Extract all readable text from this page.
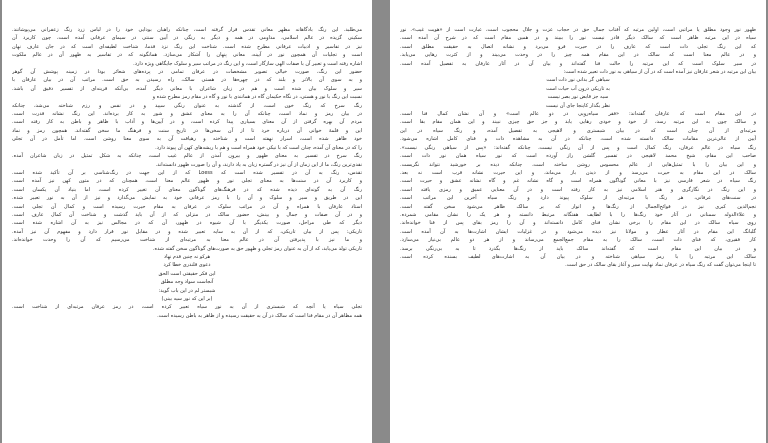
می‌طلبد. این رنگ بادگاهانه مظهر معانی تقدس قرار گرفته است، چنانکه راهبان بودایی خود را در لباس زرد رنگ زعفرانی می‌پوشانند.
سکینی گزیده در عالم اسلامی، مداومی در همه و دیگر به رنگی در آیین سنتی در سیمای عرفانی آمده است، چون کاربرد آن
نیز در تفاسیر و ادبیات عرفانی مطرح شده است. شناخت این رنگ نزد قدما، شناخت لطیفه‌ای است که در جان عارف نهان
است و تجلیات آن همچون نور در آیینه، معانی پنهان را آشکار می‌سازد. همانگونه که در تفاسیر به ظهور آن در عالم ملکوت
اشاره رفته است و تعبیر آن با صفات الهی سازگار است، و این رنگ در مراتب سیر و سلوک جایگاهی ویژه دارد.
حضور این رنگ، صورت خیالی تصویر مشخصات در عرفان تمامی در پرده‌های شعائر بودا در زمینه پوشش آن گوهر
و به سوی آن بالاتر و بلند که در چهره‌ها در هستی سالک، راه رسیدن به حق است. مراتب آن در بیان عارفان با
سیر و سلوک بیان شده است و هم در زبان شاعران با معانی دیگر آمده، بی‌آنکه قرینه‌ای از تفسیر دقیق آن باشد.
نسبت این رنگ با نور و هستی، در نگاه حکیمان گاه در همانندی با نور و گاه در مقام رمز مطرح شده و
رنگ سرخ که رنگ خون است، از گذشته به عنوان رنگی سپید و در نفس و رزم شناخته می‌شد، چنانکه
در بیان رمز و نماد است، چنانکه آن را به معنای عشق و شور به کار برده‌اند. این رنگ نشانه قدرت است.
مردم آن بهره گرفتن از آن معنای بسیاری پیدا کرده است، و در آیین‌ها و آداب با ظاهر و باطن به کار رفته است.
این و قلمهٔ خوانی آن درباره خرد تا از آن سخن‌ها در تاریخ سنت و فرهنگ ما سخن گفته‌اند. همچون رمز و نماد
خود ظاهر شده است، اسرار نهفته است و شناخته و رهیافت آن به سوی معنا روشن است. اما تأمل در آن تجلی
را که در معنای آن آمده، چنان است که با نیکی خود همراه است و هم با ریشه‌های کهن آن پیوند دارد.
رنگ سرخ در تفسیر به معنای ظهور و بیرون آمدن از عالم غیب است، چنانکه به شکل تمثیل در زبان شاعران آمده.
نقدی‌ترین رنگ، ما از این زمان از آن نیز در گستره زبان به یاد دارند، و آن را صورت ظهور دانسته‌اند.
تقدس، رنگ به آن در تفسیر شده است که Loess که از این جهت در رنگ‌شناسی بر آن تأکید شده است.
و کاربرد آن در سنت‌ها به معنای تجلی نور و ظهور عالم معنا است، همچنان که در متون کهن نیز آمده است.
رنگ آن به گونه‌ای دیده شده که در فرهنگ‌های گوناگون معنای آن تغییر کرده است، اما بنیاد آن یکسان است.
این در طریق و سیر و سلوک و آن را با رمز عرفانی خود به نمایش می‌گذارد و نیز از آن به نور تعبیر شده.
استاد عارفان با همراه و آن در مراتب سلوک در عرفان به مقام حیرت رسیده است و کمال آن تجلی است.
و در آن صفات و جمال و بینش، حضور سالک در منزلی که از آن باید گذشت و شناخت آن کمال عارف است.
دیگر که طی مراحل، صورت یکدیگر با آن شیوه در ظهور، آن که در مجالس نیز به آن اشاره شده است.
تاریکی: پس از بیان تاریکی، که از آن به سایه تعبیر شده و در مقابل نور قرار دارد و مفهوم آن نیز آمده.
و ما نیز با پذیرفتن آن در عالم معنا به مرتبه‌ای از شناخت می‌رسیم که آن را وحدت خوانده‌اند.
تاریکی تولد می‌یابد، که از آن به عنوان رمز تجلی و ظهور حق به صورت‌های گوناگون سخن گفته شده.
هرکو نه چنین قدم نهاد
دعوی قلندری خطا کرد
این فکر حقیقتی است الحق
آنجاست سواد وجه مطلق
شبستر لم در این باب گوید:
(بر این که نور سیه بینی)
تجلی سیاه یا آنچه که شبستری از آن به نور سیاه تعبیر کرده است، در رمز عرفان مرتبه‌ای از شناخت است.
همه مظاهر آن در مقام فنا است که سالک در آن به حقیقت رسیده و از ظاهر به باطن رسیده است.
ظهور نور وجود مطلق یا مراتبی است، اولین مرتبه که آفتاب جمال حق در حجاب عزت و جلال محجوب است، عبارت است از «هویت غیب». نور
سیاه در این مرتبه ظاهر است که سالک دیگر قادر نیست نور را ببیند و در همین مقام است که در شرح آن آمده است.
که این رنگ تجلی ذات است که عارف را در حیرت فرو می‌برد و نشانه اتصال به حقیقت مطلق است.
و در عالم معنا است که سالک در این مقام همه چیز را در وحدت می‌بیند و از کثرت رهایی می‌یابد.
در سیر سلوک است که این مرتبه را حالت فنا گفته‌اند و بیان آن در آثار عارفان به تفصیل آمده است.
بیان این مرتبه در شعر عارفان نیز آمده است که در آن از سیاهی به نور ذات تعبیر شده است:
سیاهی گر بدانی نور ذات است
به تاریکی درون آب حیات است
سیه جز قابض نور بصر نیست
نظر بگذار کاینجا جای آن نیست
در این مقام است که عارفان گفته‌اند: «فقر سیاه‌رویی در دو عالم است» و آن نشان کمال فنا است.
و سالک چون به این مرتبه رسد، از خود و خودی رهایی یابد و جز حق چیزی نبیند و این همان مقام بقا است.
مرتبه‌ای از آن چنان است که در بیان شبستری و لاهیجی به تفصیل آمده، و رنگ سیاه در این
آیین از عالی‌ترین مقامات سالک دانسته شده است، چنانکه در آن به مشاهده ذات و فنای کامل اشاره می‌شود.
رنگ سیاه در عالم عرفان، رنگ کمال است و پس از آن رنگی نیست، چنانکه گفته‌اند: «پس از سیاهی رنگی نیست».
صاحب این مقام، شیخ محمد لاهیجی در تفسیر گلشن راز آورده است که نور سیاه همان نور ذات است.
و این بیان را با تمثیل‌هایی از عالم محسوس روشن ساخته است، چنانکه دیده بر خورشید نتواند نگریست.
سالک در این مقام به حیرت می‌رسد و از دیدن باز می‌ماند، و این حیرت نشانه قرب است نه بعد.
رنگ سیاه در شعر فارسی نیز با معانی گوناگون همراه است و گاه نشانه غم و گاه نشانه عشق و حیرت است.
و این رنگ در نگارگری و هنر اسلامی نیز به کار رفته است و در آن معنایی عمیق و رمزی یافته است.
در سنت‌های عرفانی، هر رنگ با مرتبه‌ای از سلوک پیوند دارد و رنگ سیاه آخرین این مراتب است.
نجم‌الدین کبری نیز در فوائح‌الجمال از رنگ‌ها و انوار که بر سالک ظاهر می‌شود سخن گفته است.
و علاءالدوله سمنانی در آثار خود رنگ‌ها را با لطایف هفتگانه مرتبط دانسته و هر یک را نشان مقامی شمرده.
روی سیاه سالک در این مقام را برخی نشان فنای کامل دانسته‌اند و آن را رمز بقای پس از فنا خوانده‌اند.
گلبانگ این مقام در آثار عطار و مولانا نیز دیده می‌شود و در غزلیات ایشان اشارت‌ها به آن آمده است.
کار فقیری، که فنای ذات است، سالک را به مقام جمع‌الجمع می‌رساند و از هر دو عالم بی‌نیاز می‌سازد.
و در بیان این مقام است که گفته‌اند سالک باید از رنگ‌ها بگذرد تا به بی‌رنگی برسد.
سالک این مرتبه را با رمز سیاهی شناخته و در بیان آن به اشارت‌های لطیف بسنده کرده است.
تا اینجا می‌توان گفت که رنگ سیاه در عرفان نماد نهایت سیر و آغاز بقای سالک در حق است.
